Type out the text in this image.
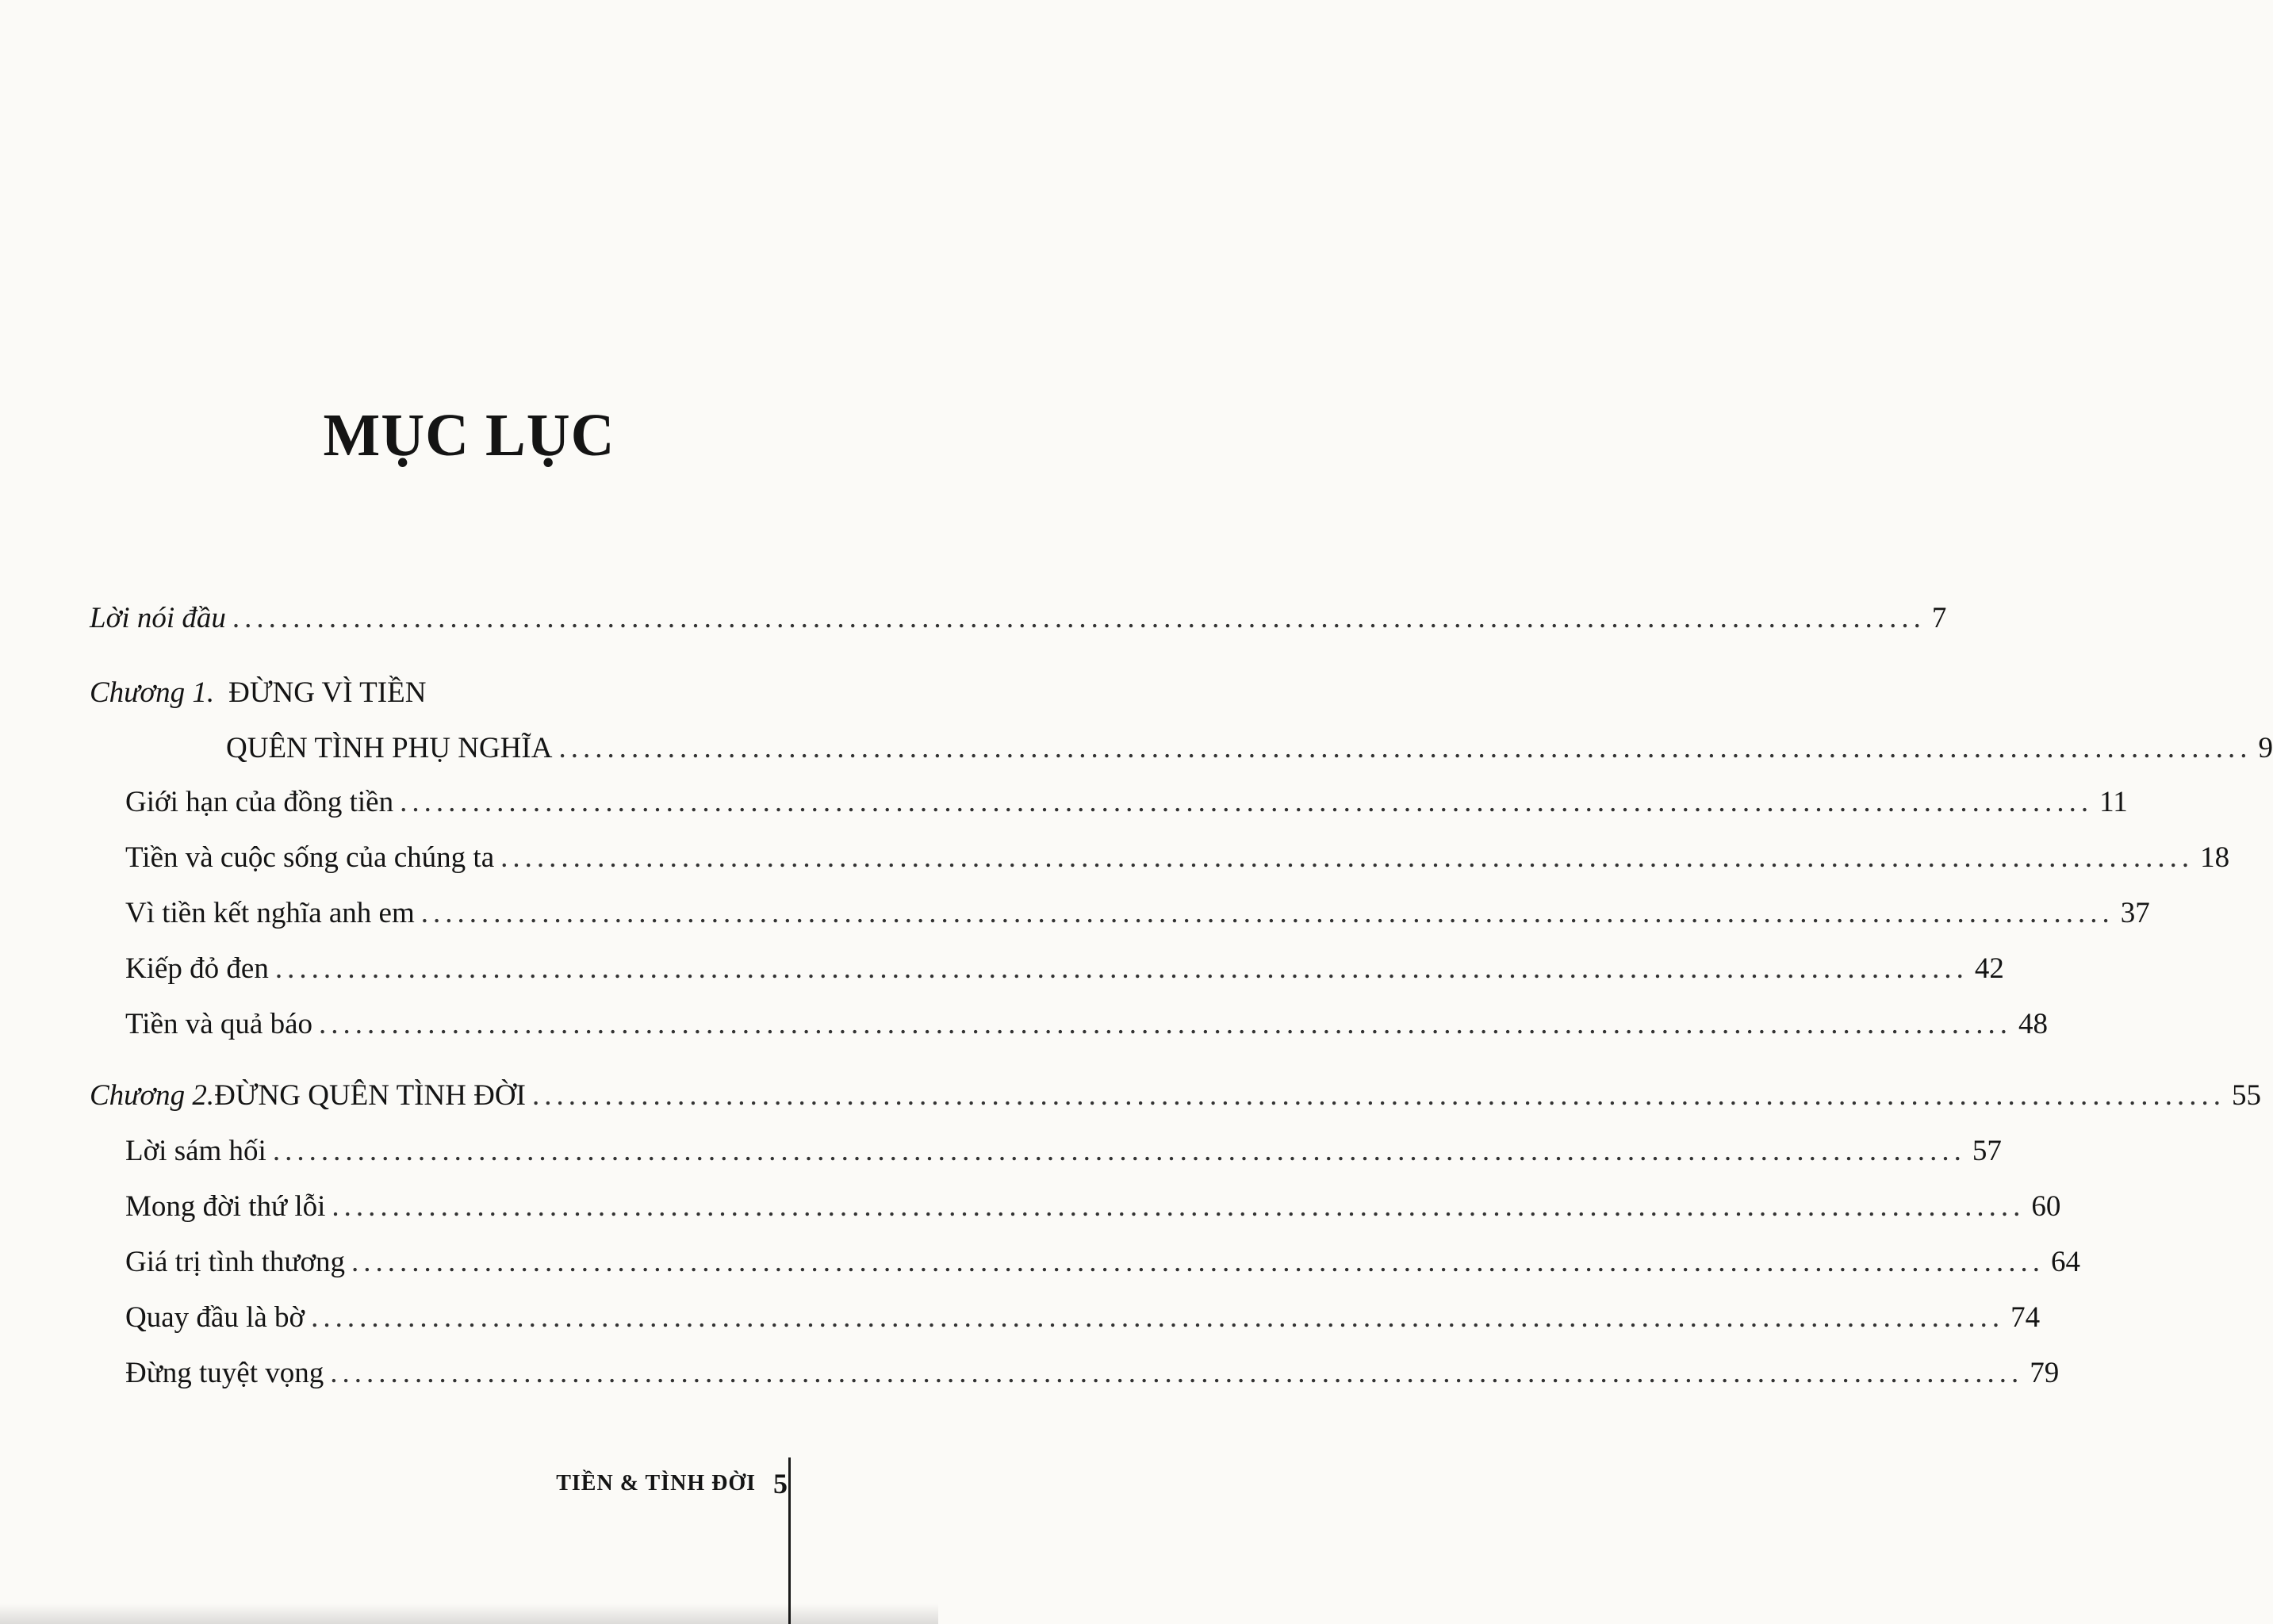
MỤC LỤC
Lời nói đầu ............................................................................................................................................ 7
Chương 1. ĐỪNG VÌ TIỀN
QUÊN TÌNH PHỤ NGHĨA ............................................................................................................................................ 9
Giới hạn của đồng tiền ............................................................................................................................................ 11
Tiền và cuộc sống của chúng ta ............................................................................................................................................ 18
Vì tiền kết nghĩa anh em ............................................................................................................................................ 37
Kiếp đỏ đen ............................................................................................................................................ 42
Tiền và quả báo ............................................................................................................................................ 48
Chương 2. ĐỪNG QUÊN TÌNH ĐỜI ............................................................................................................................................ 55
Lời sám hối ............................................................................................................................................ 57
Mong đời thứ lỗi ............................................................................................................................................ 60
Giá trị tình thương ............................................................................................................................................ 64
Quay đầu là bờ ............................................................................................................................................ 74
Đừng tuyệt vọng ............................................................................................................................................ 79
TIỀN & TÌNH ĐỜI 5
